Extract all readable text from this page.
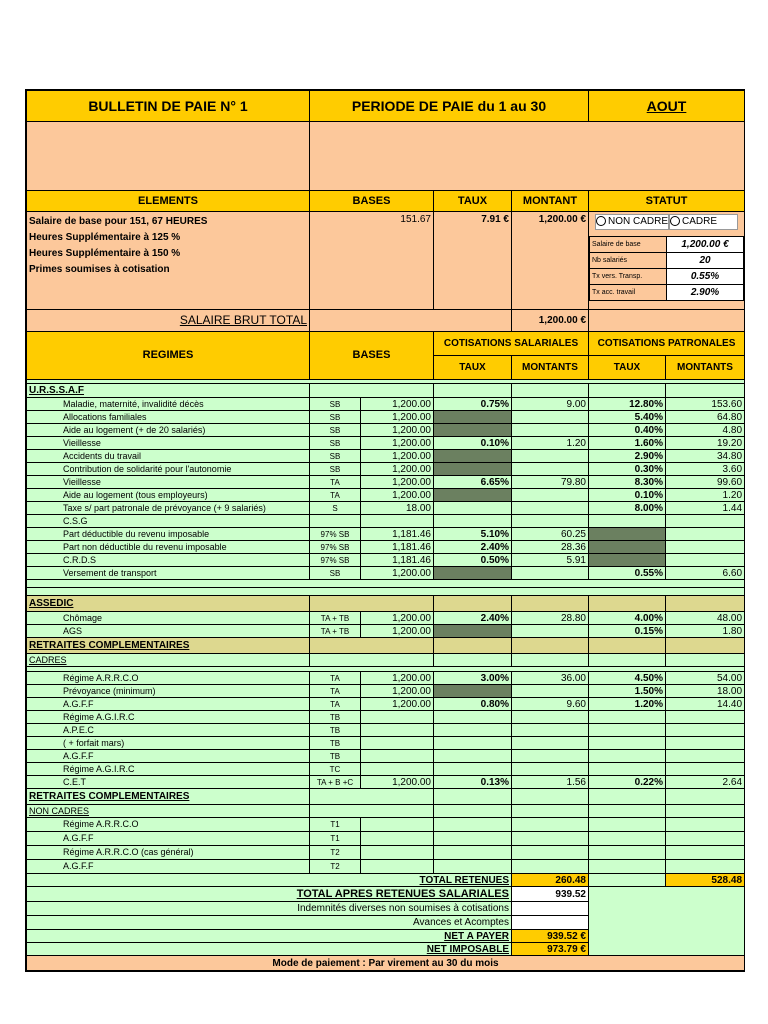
BULLETIN DE PAIE N° 1	PERIODE DE PAIE du 1 au 30	AOUT

ELEMENTS	BASES	TAUX	MONTANT	STATUT

Salaire de base pour 151, 67 HEURES
Heures Supplémentaire à 125 %
Heures Supplémentaire à 150 %
Primes soumises à cotisation
	151.67	7.91 €	1,200.00 €	NON CADRE	CADRE
Salaire de base	1,200.00 €
Nb salariés	20
Tx vers. Transp.	0.55%
Tx acc. travail	2.90%

SALAIRE BRUT TOTAL		1,200.00 €	
REGIMES	BASES	COTISATIONS SALARIALES	COTISATIONS PATRONALES
TAUX	MONTANTS	TAUX	MONTANTS

U.R.S.S.A.F					
Maladie, maternité, invalidité décès	SB	1,200.00	0.75%	9.00	12.80%	153.60
Allocations familiales	SB	1,200.00			5.40%	64.80
Aide au logement (+ de 20 salariés)	SB	1,200.00			0.40%	4.80
Vieillesse	SB	1,200.00	0.10%	1.20	1.60%	19.20
Accidents du travail	SB	1,200.00			2.90%	34.80
Contribution de solidarité pour l'autonomie	SB	1,200.00			0.30%	3.60
Vieillesse	TA	1,200.00	6.65%	79.80	8.30%	99.60
Aide au logement (tous employeurs)	TA	1,200.00			0.10%	1.20
Taxe s/ part patronale de prévoyance (+ 9 salariés)	S	18.00			8.00%	1.44
C.S.G						
Part déductible du revenu imposable	97% SB	1,181.46	5.10%	60.25		
Part non déductible du revenu imposable	97% SB	1,181.46	2.40%	28.36		
C.R.D.S	97% SB	1,181.46	0.50%	5.91		
Versement de transport	SB	1,200.00			0.55%	6.60

ASSEDIC					
Chômage	TA + TB	1,200.00	2.40%	28.80	4.00%	48.00
AGS	TA + TB	1,200.00			0.15%	1.80
RETRAITES COMPLEMENTAIRES					
CADRES					

Régime A.R.R.C.O	TA	1,200.00	3.00%	36.00	4.50%	54.00
Prévoyance (minimum)	TA	1,200.00			1.50%	18.00
A.G.F.F	TA	1,200.00	0.80%	9.60	1.20%	14.40
Régime A.G.I.R.C	TB					
A.P.E.C	TB					
( + forfait mars)	TB					
A.G.F.F	TB					
Régime A.G.I.R.C	TC					
C.E.T	TA + B +C	1,200.00	0.13%	1.56	0.22%	2.64
RETRAITES COMPLEMENTAIRES					
NON CADRES					
Régime A.R.R.C.O	T1					
A.G.F.F	T1					
Régime A.R.R.C.O (cas général)	T2					
A.G.F.F	T2					
TOTAL RETENUES	260.48		528.48
TOTAL APRES RETENUES SALARIALES	939.52	
Indemnités diverses non soumises à cotisations		
Avances et Acomptes		
NET A PAYER	939.52 €	
NET IMPOSABLE	973.79 €	
Mode de paiement : Par virement au 30 du mois
